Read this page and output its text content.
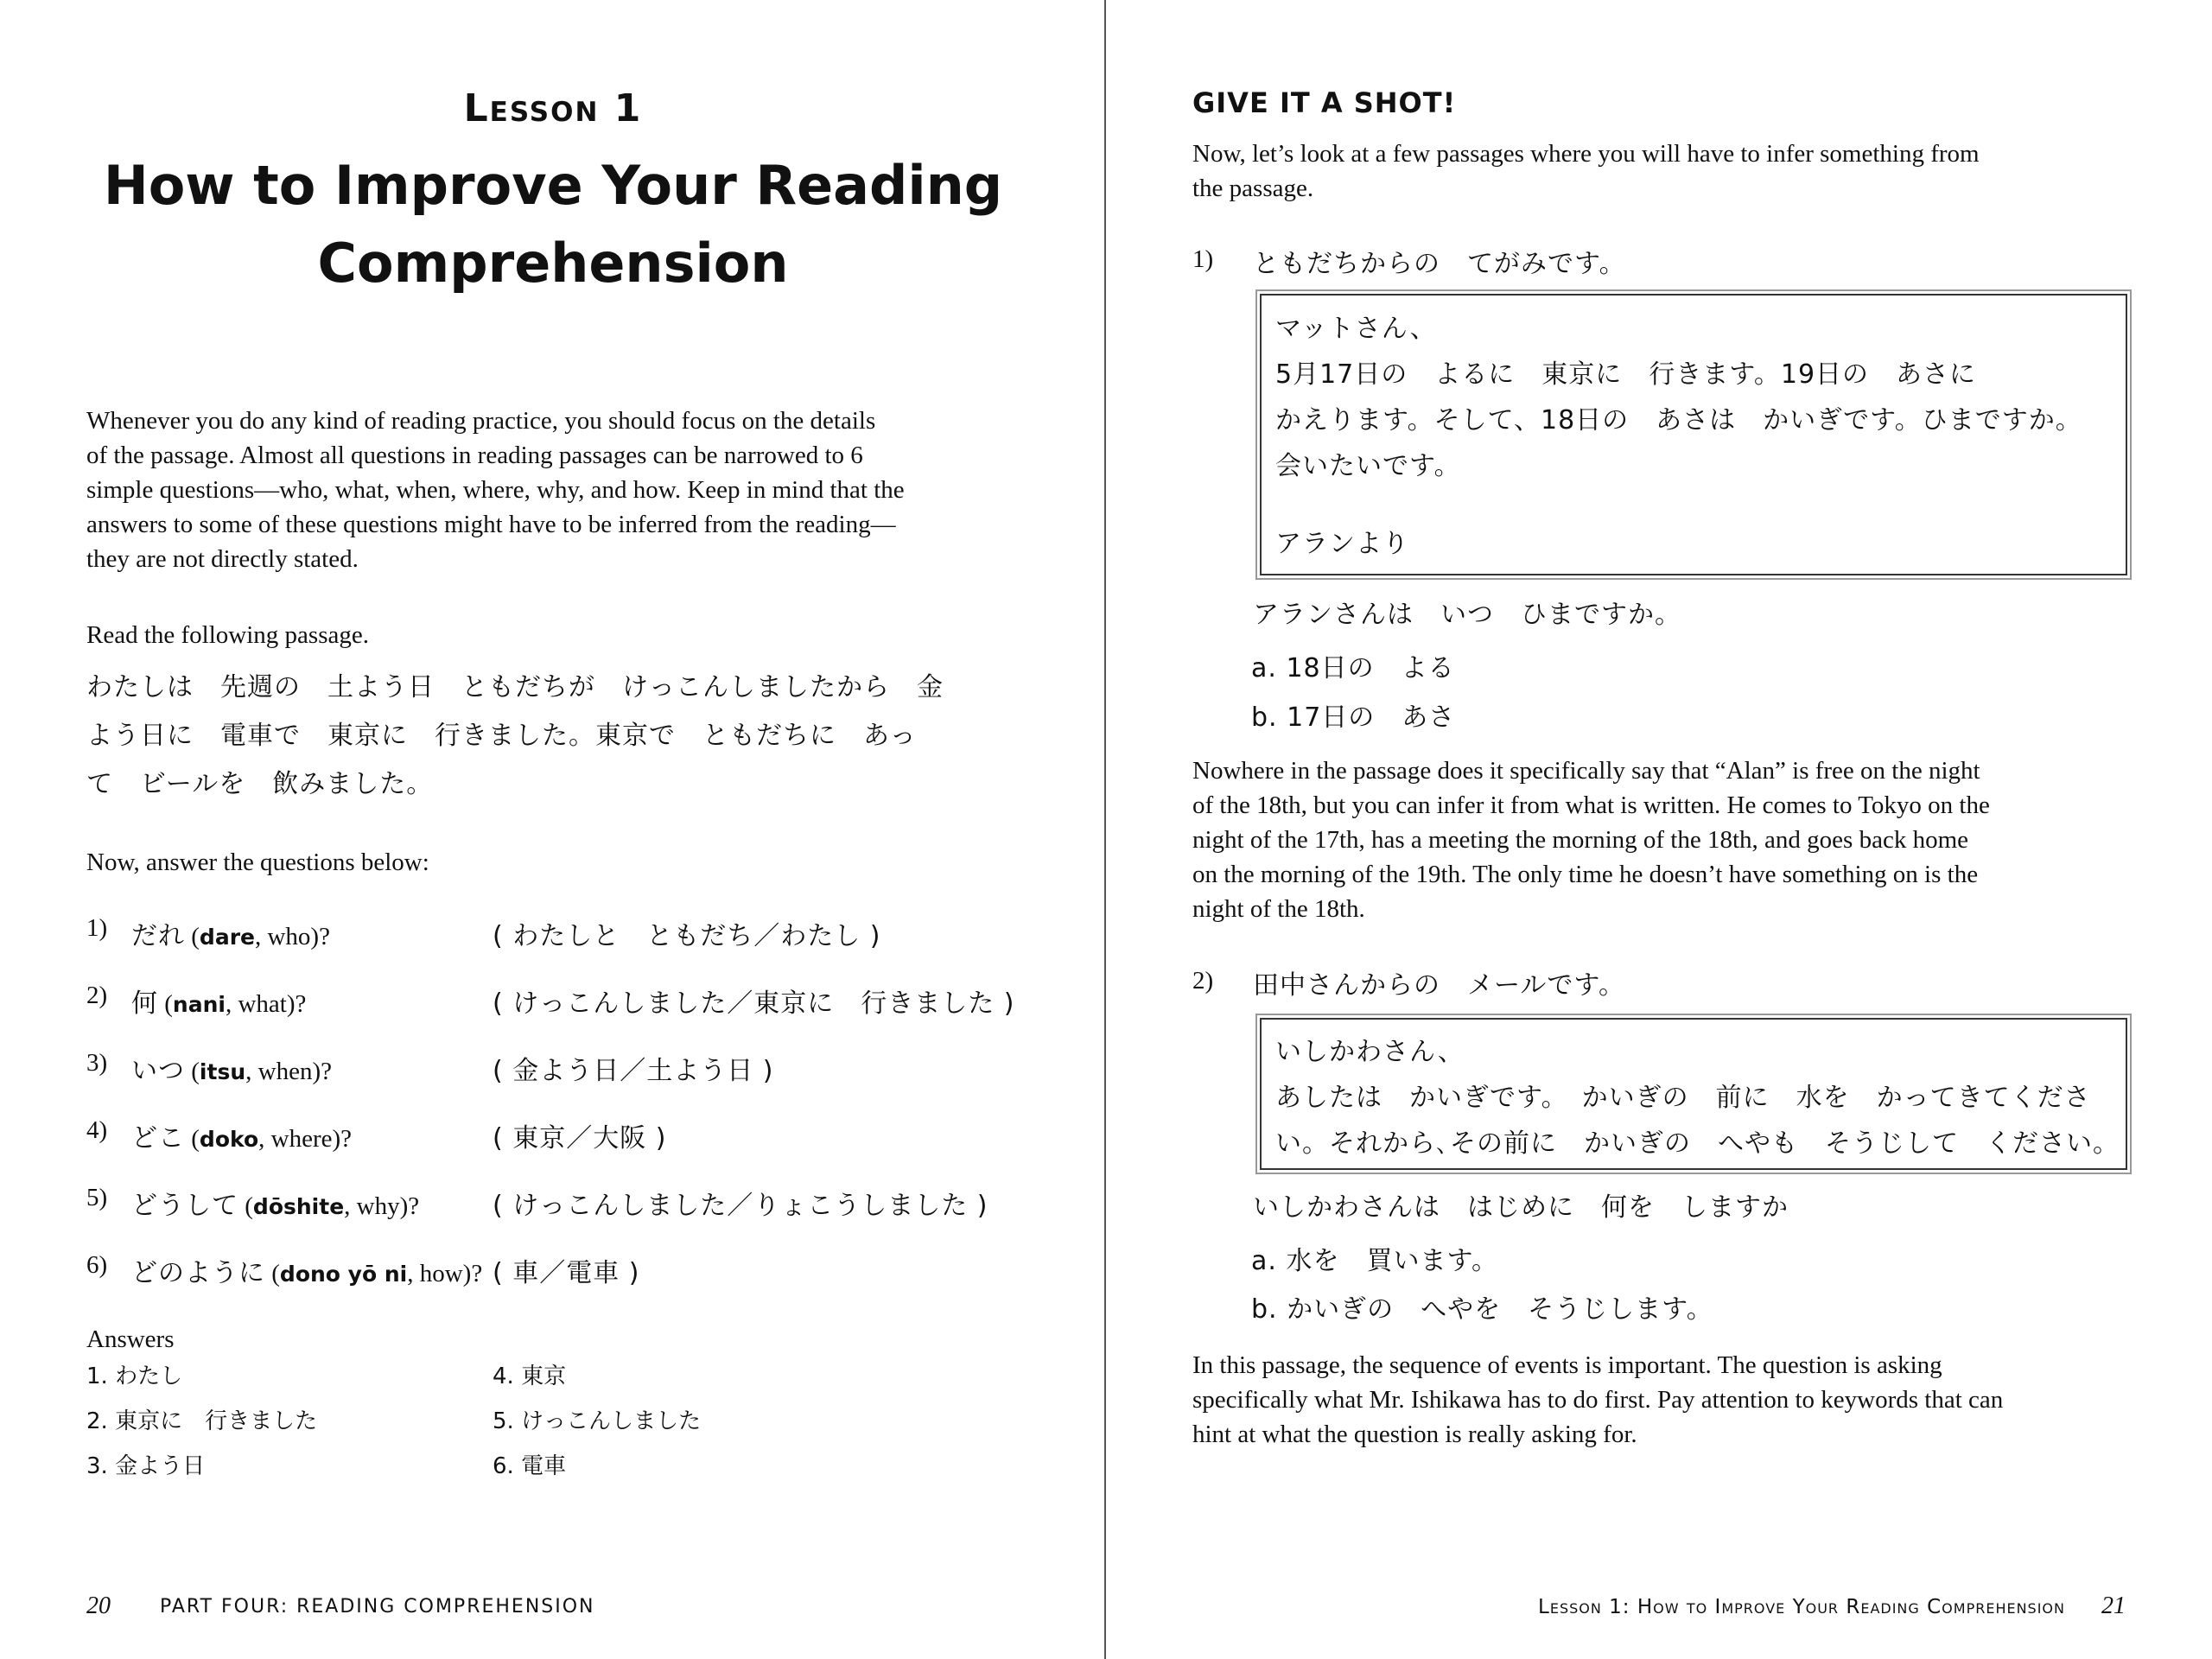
Lesson 1
How to Improve Your Reading
Comprehension
Whenever you do any kind of reading practice, you should focus on the details
of the passage. Almost all questions in reading passages can be narrowed to 6
simple questions—who, what, when, where, why, and how. Keep in mind that the
answers to some of these questions might have to be inferred from the reading—
they are not directly stated.
Read the following passage.
わたしは　先週の　土よう日　ともだちが　けっこんしましたから　金
よう日に　電車で　東京に　行きました。東京で　ともだちに　あっ
て　ビールを　飲みました。
Now, answer the questions below:
1) だれ (dare, who)?	( わたしと　ともだち／わたし )
2) 何 (nani, what)?	( けっこんしました／東京に　行きました )
3) いつ (itsu, when)?	( 金よう日／土よう日 )
4) どこ (doko, where)?	( 東京／大阪 )
5) どうして (dōshite, why)?	( けっこんしました／りょこうしました )
6) どのように (dono yō ni, how)? ( 車／電車 )
Answers
1. わたし
2. 東京に　行きました
3. 金よう日
4. 東京
5. けっこんしました
6. 電車
20	PART FOUR: READING COMPREHENSION
GIVE IT A SHOT!
Now, let’s look at a few passages where you will have to infer something from
the passage.
1) ともだちからの　てがみです。
マットさん、
5月17日の　よるに　東京に　行きます。19日の　あさに
かえります。そして、18日の　あさは　かいぎです。ひまですか。
会いたいです。
アランより
アランさんは　いつ　ひまですか。
a. 18日の　よる
b. 17日の　あさ
Nowhere in the passage does it specifically say that “Alan” is free on the night
of the 18th, but you can infer it from what is written. He comes to Tokyo on the
night of the 17th, has a meeting the morning of the 18th, and goes back home
on the morning of the 19th. The only time he doesn’t have something on is the
night of the 18th.
2) 田中さんからの　メールです。
いしかわさん、
あしたは　かいぎです。　かいぎの　前に　水を　かってきてくださ
い。それから､その前に　かいぎの　へやも　そうじして　ください。
いしかわさんは　はじめに　何を　しますか
a. 水を　買います。
b. かいぎの　へやを　そうじします。
In this passage, the sequence of events is important. The question is asking
specifically what Mr. Ishikawa has to do first. Pay attention to keywords that can
hint at what the question is really asking for.
Lesson 1: How to Improve Your Reading Comprehension 21
